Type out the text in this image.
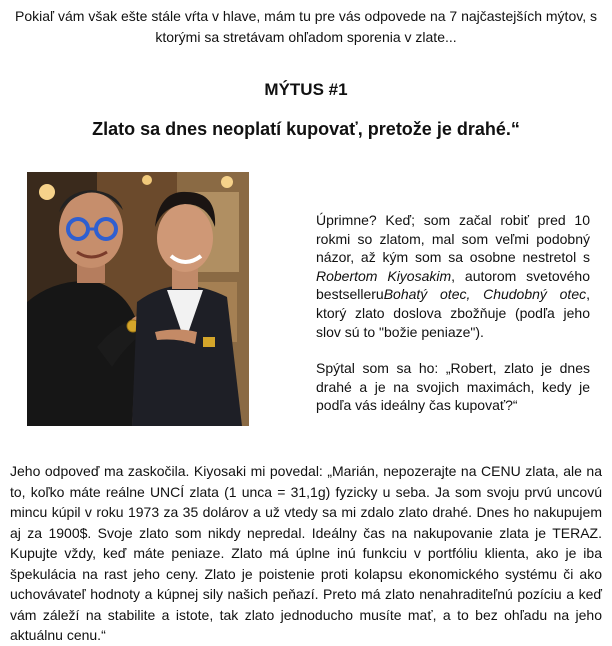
Pokiaľ vám však ešte stále vŕta v hlave, mám tu pre vás odpovede na 7 najčastejších mýtov, s ktorými sa stretávam ohľadom sporenia v zlate...
MÝTUS #1
Zlato sa dnes neoplatí kupovať, pretože je drahé.“

Úprimne? Keď; som začal robiť pred 10 rokmi so zlatom, mal som veľmi podobný názor, až kým som sa osobne nestretol s Robertom Kiyosakim, autorom svetového bestselleruBohatý otec, Chudobný otec, ktorý zlato doslova zbožňuje (podľa jeho slov sú to "božie peniaze").

Spýtal som sa ho: „Robert, zlato je dnes drahé a je na svojich maximách, kedy je podľa vás ideálny čas kupovať?“

Jeho odpoveď ma zaskočila. Kiyosaki mi povedal: „Marián, nepozerajte na CENU zlata, ale na to, koľko máte reálne UNCÍ zlata (1 unca = 31,1g) fyzicky u seba. Ja som svoju prvú uncovú mincu kúpil v roku 1973 za 35 dolárov a už vtedy sa mi zdalo zlato drahé. Dnes ho nakupujem aj za 1900$. Svoje zlato som nikdy nepredal. Ideálny čas na nakupovanie zlata je TERAZ. Kupujte vždy, keď máte peniaze. Zlato má úplne inú funkciu v portfóliu klienta, ako je iba špekulácia na rast jeho ceny. Zlato je poistenie proti kolapsu ekonomického systému či ako uchovávateľ hodnoty a kúpnej sily našich peňazí. Preto má zlato nenahraditeľnú pozíciu a keď vám záleží na stabilite a istote, tak zlato jednoducho musíte mať, a to bez ohľadu na jeho aktuálnu cenu.“
